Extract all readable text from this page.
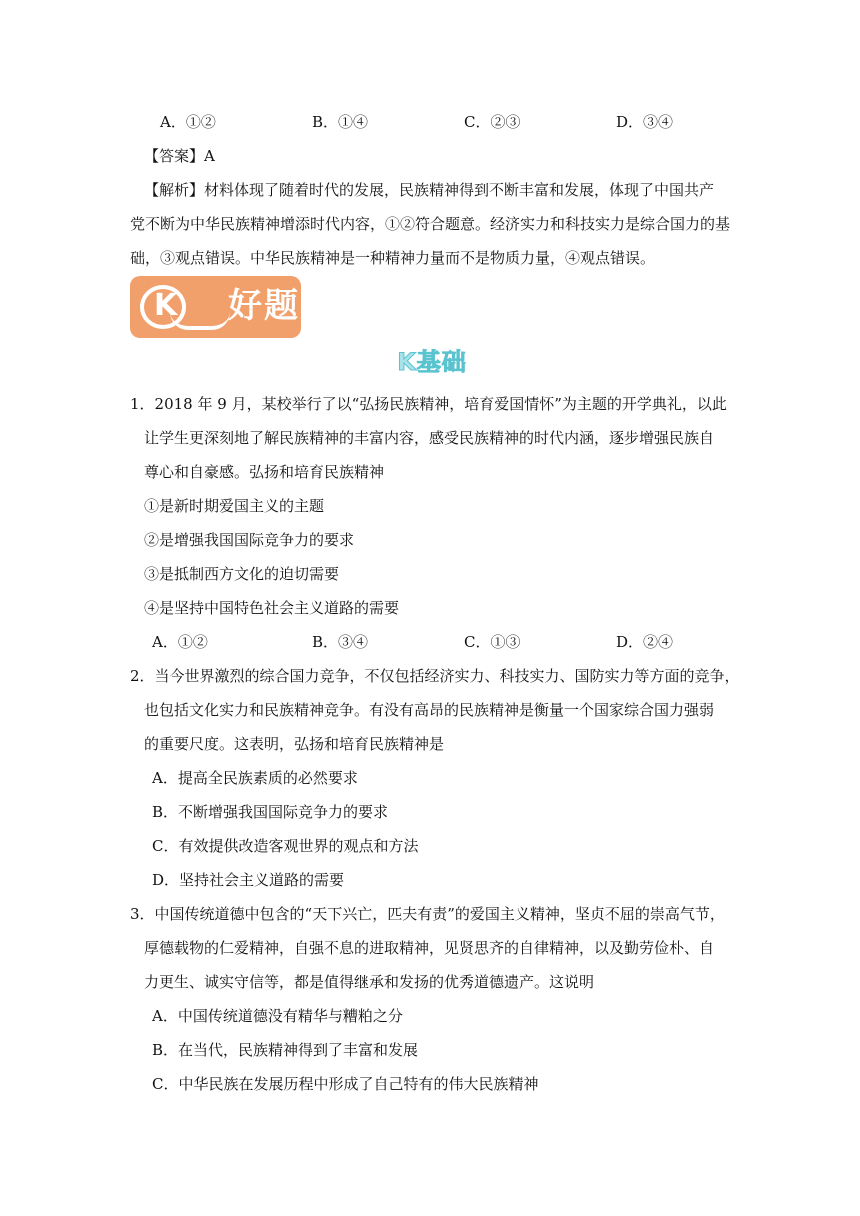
A．①②	B．①④	C．②③	D．③④
【答案】A
【解析】材料体现了随着时代的发展，民族精神得到不断丰富和发展，体现了中国共产
党不断为中华民族精神增添时代内容，①②符合题意。经济实力和科技实力是综合国力的基
础，③观点错误。中华民族精神是一种精神力量而不是物质力量，④观点错误。
K 好题
K基础
1．2018 年 9 月，某校举行了以“弘扬民族精神，培育爱国情怀”为主题的开学典礼，以此
让学生更深刻地了解民族精神的丰富内容，感受民族精神的时代内涵，逐步增强民族自
尊心和自豪感。弘扬和培育民族精神
①是新时期爱国主义的主题
②是增强我国国际竞争力的要求
③是抵制西方文化的迫切需要
④是坚持中国特色社会主义道路的需要
A．①②	B．③④	C．①③	D．②④
2．当今世界激烈的综合国力竞争，不仅包括经济实力、科技实力、国防实力等方面的竞争，
也包括文化实力和民族精神竞争。有没有高昂的民族精神是衡量一个国家综合国力强弱
的重要尺度。这表明，弘扬和培育民族精神是
A．提高全民族素质的必然要求
B．不断增强我国国际竞争力的要求
C．有效提供改造客观世界的观点和方法
D．坚持社会主义道路的需要
3．中国传统道德中包含的“天下兴亡，匹夫有责”的爱国主义精神，坚贞不屈的崇高气节，
厚德载物的仁爱精神，自强不息的进取精神，见贤思齐的自律精神，以及勤劳俭朴、自
力更生、诚实守信等，都是值得继承和发扬的优秀道德遗产。这说明
A．中国传统道德没有精华与糟粕之分
B．在当代，民族精神得到了丰富和发展
C．中华民族在发展历程中形成了自己特有的伟大民族精神
